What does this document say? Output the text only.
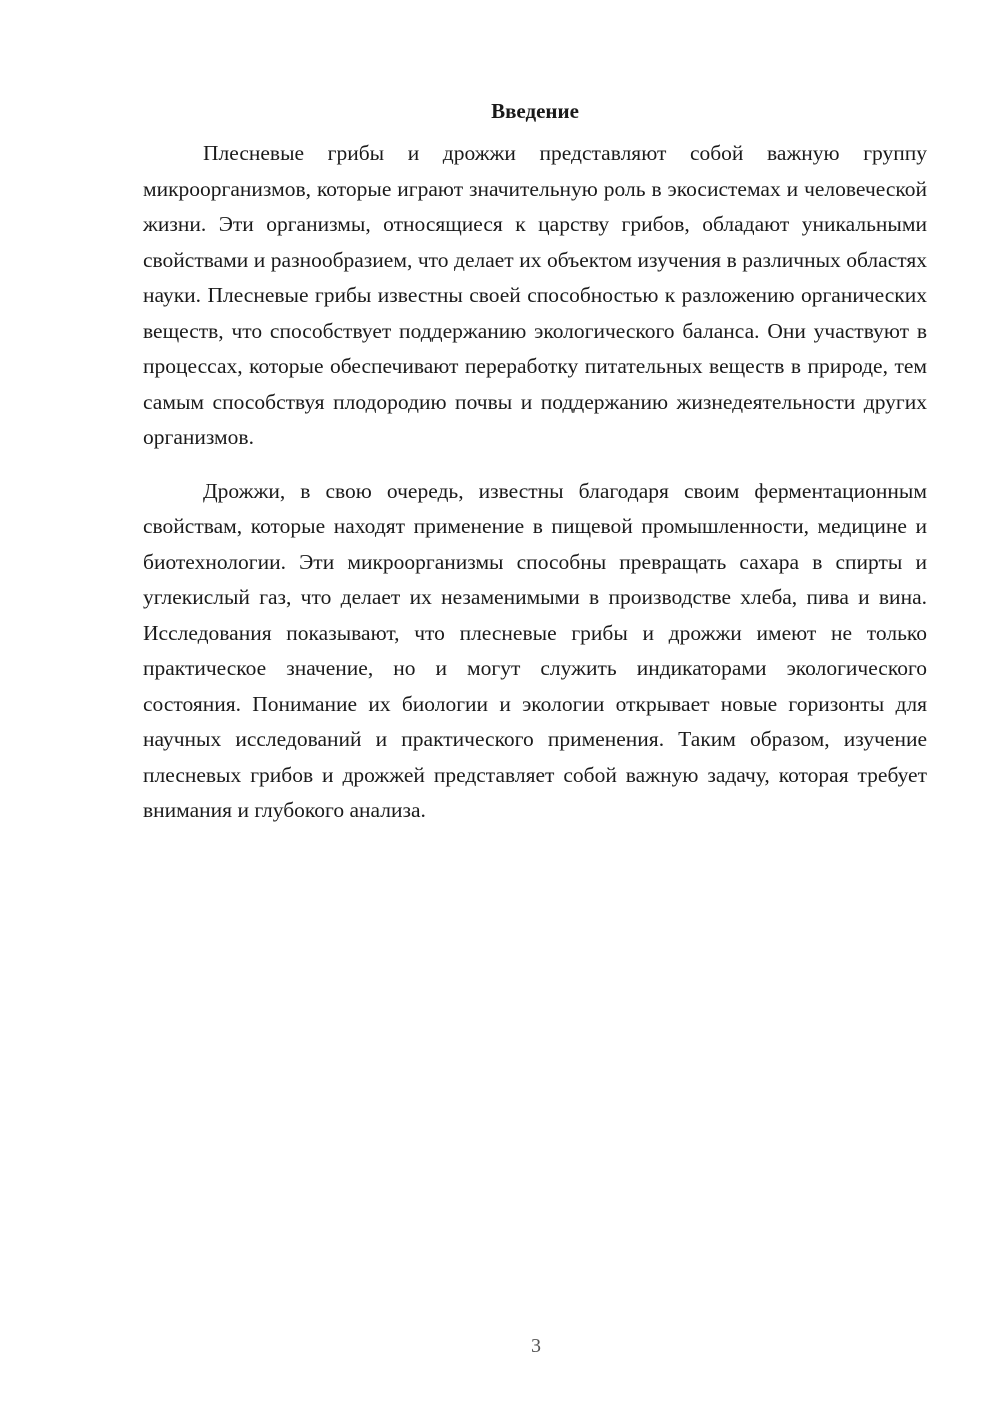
Введение

Плесневые грибы и дрожжи представляют собой важную группу микроорганизмов, которые играют значительную роль в экосистемах и человеческой жизни. Эти организмы, относящиеся к царству грибов, обладают уникальными свойствами и разнообразием, что делает их объектом изучения в различных областях науки. Плесневые грибы известны своей способностью к разложению органических веществ, что способствует поддержанию экологического баланса. Они участвуют в процессах, которые обеспечивают переработку питательных веществ в природе, тем самым способствуя плодородию почвы и поддержанию жизнедеятельности других организмов.

Дрожжи, в свою очередь, известны благодаря своим ферментационным свойствам, которые находят применение в пищевой промышленности, медицине и биотехнологии. Эти микроорганизмы способны превращать сахара в спирты и углекислый газ, что делает их незаменимыми в производстве хлеба, пива и вина. Исследования показывают, что плесневые грибы и дрожжи имеют не только практическое значение, но и могут служить индикаторами экологического состояния. Понимание их биологии и экологии открывает новые горизонты для научных исследований и практического применения. Таким образом, изучение плесневых грибов и дрожжей представляет собой важную задачу, которая требует внимания и глубокого анализа.

3
